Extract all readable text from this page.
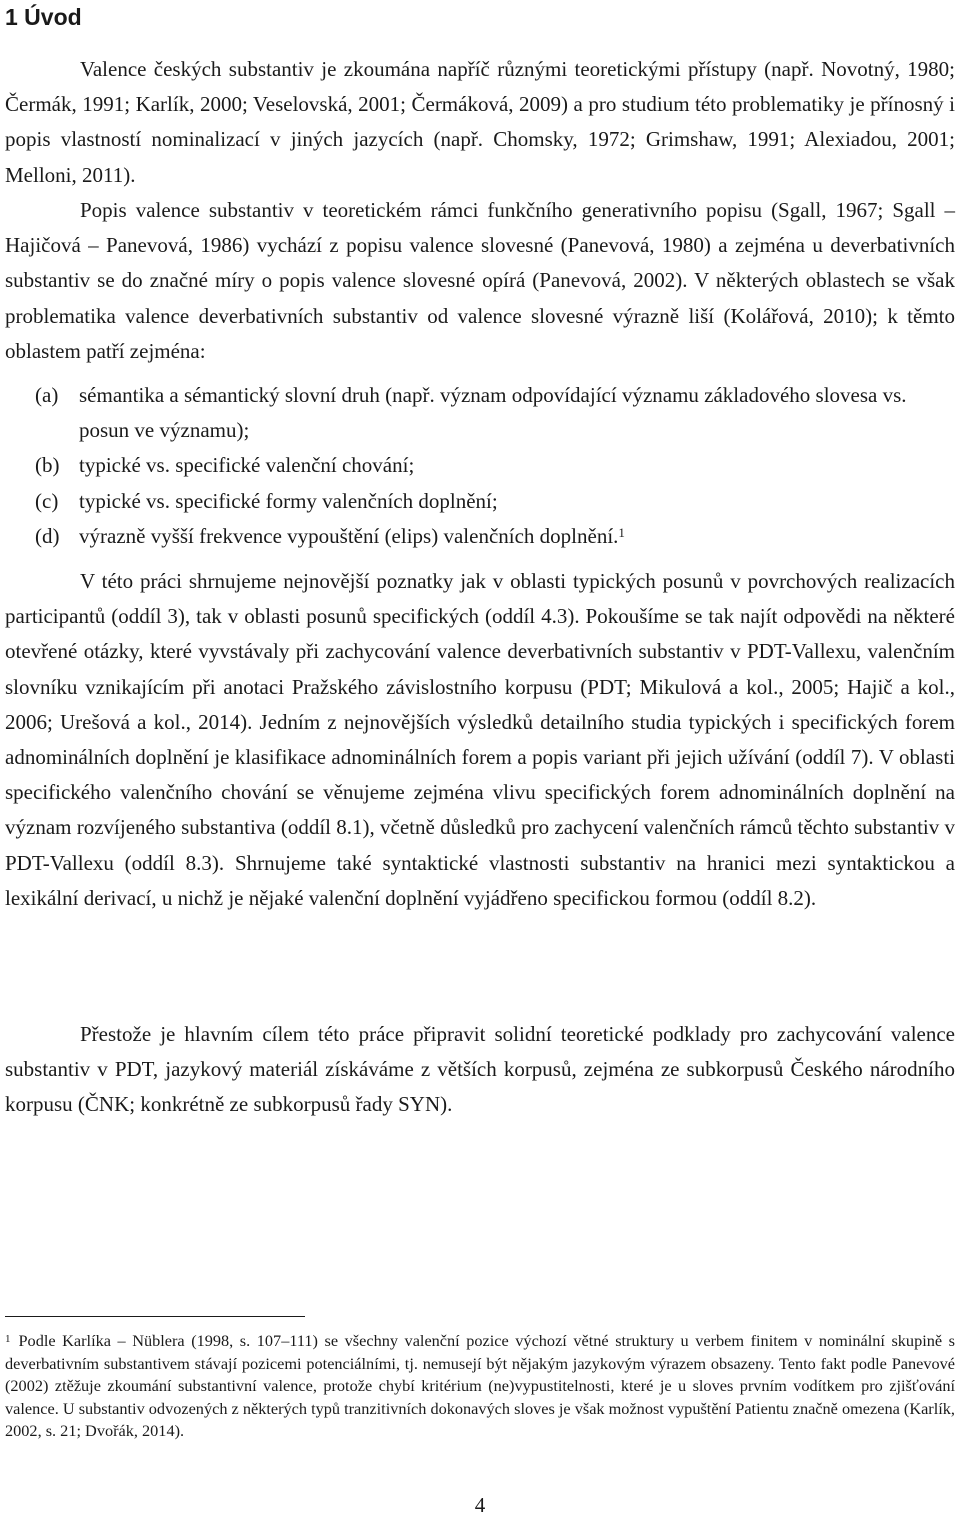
1 Úvod

Valence českých substantiv je zkoumána napříč různými teoretickými přístupy (např. Novotný, 1980; Čermák, 1991; Karlík, 2000; Veselovská, 2001; Čermáková, 2009) a pro studium této problematiky je přínosný i popis vlastností nominalizací v jiných jazycích (např. Chomsky, 1972; Grimshaw, 1991; Alexiadou, 2001; Melloni, 2011).

Popis valence substantiv v teoretickém rámci funkčního generativního popisu (Sgall, 1967; Sgall – Hajičová – Panevová, 1986) vychází z popisu valence slovesné (Panevová, 1980) a zejména u deverbativních substantiv se do značné míry o popis valence slovesné opírá (Panevová, 2002). V některých oblastech se však problematika valence deverbativních substantiv od valence slovesné výrazně liší (Kolářová, 2010); k těmto oblastem patří zejména:

(a) sémantika a sémantický slovní druh (např. význam odpovídající významu základového slovesa vs. posun ve významu);
(b) typické vs. specifické valenční chování;
(c) typické vs. specifické formy valenčních doplnění;
(d) výrazně vyšší frekvence vypouštění (elips) valenčních doplnění.$^1$

V této práci shrnujeme nejnovější poznatky jak v oblasti typických posunů v povrchových realizacích participantů (oddíl 3), tak v oblasti posunů specifických (oddíl 4.3). Pokoušíme se tak najít odpovědi na některé otevřené otázky, které vyvstávaly při zachycování valence deverbativních substantiv v PDT-Vallexu, valenčním slovníku vznikajícím při anotaci Pražského závislostního korpusu (PDT; Mikulová a kol., 2005; Hajič a kol., 2006; Urešová a kol., 2014). Jedním z nejnovějších výsledků detailního studia typických i specifických forem adnominálních doplnění je klasifikace adnominálních forem a popis variant při jejich užívání (oddíl 7). V oblasti specifického valenčního chování se věnujeme zejména vlivu specifických forem adnominálních doplnění na význam rozvíjeného substantiva (oddíl 8.1), včetně důsledků pro zachycení valenčních rámců těchto substantiv v PDT-Vallexu (oddíl 8.3). Shrnujeme také syntaktické vlastnosti substantiv na hranici mezi syntaktickou a lexikální derivací, u nichž je nějaké valenční doplnění vyjádřeno specifickou formou (oddíl 8.2).

Přestože je hlavním cílem této práce připravit solidní teoretické podklady pro zachycování valence substantiv v PDT, jazykový materiál získáváme z větších korpusů, zejména ze subkorpusů Českého národního korpusu (ČNK; konkrétně ze subkorpusů řady SYN).

$^1$ Podle Karlíka – Nüblera (1998, s. 107–111) se všechny valenční pozice výchozí větné struktury u verbem finitem v nominální skupině s deverbativním substantivem stávají pozicemi potenciálními, tj. nemusejí být nějakým jazykovým výrazem obsazeny. Tento fakt podle Panevové (2002) ztěžuje zkoumání substantivní valence, protože chybí kritérium (ne)vypustitelnosti, které je u sloves prvním vodítkem pro zjišťování valence. U substantiv odvozených z některých typů tranzitivních dokonavých sloves je však možnost vypuštění Patientu značně omezena (Karlík, 2002, s. 21; Dvořák, 2014).
4
